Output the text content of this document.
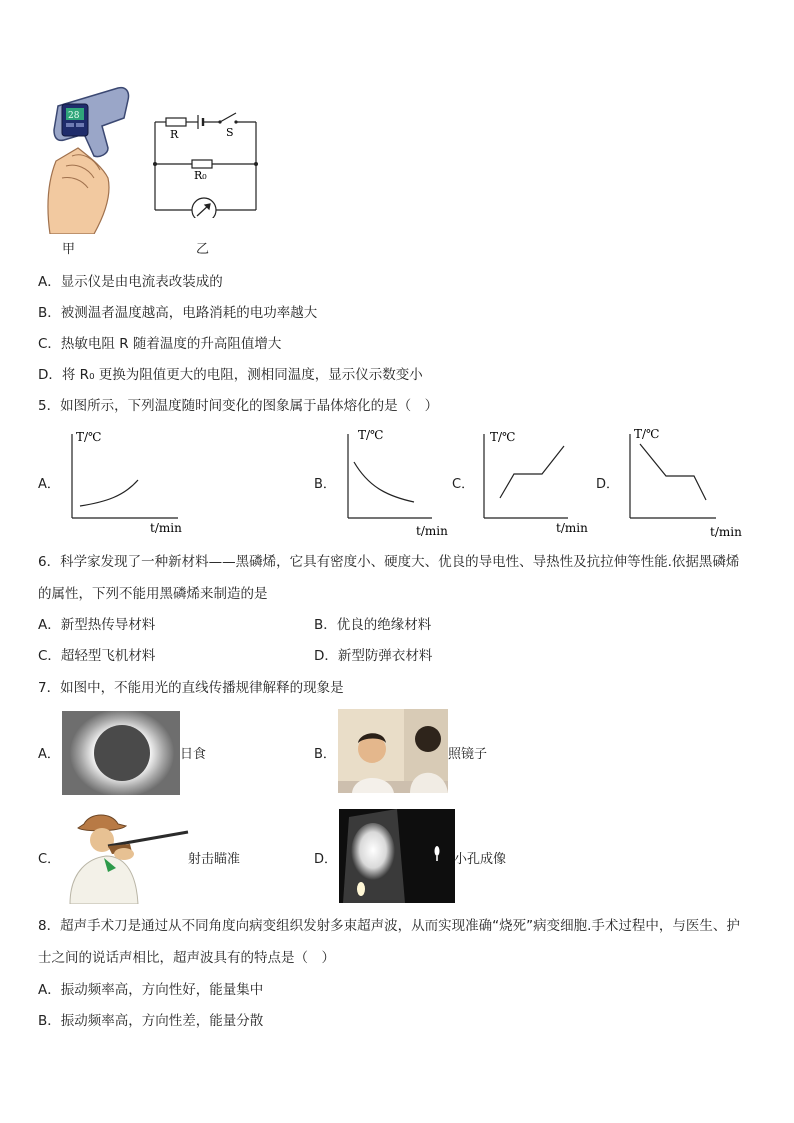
28
甲
R	S
R₀
乙
A．显示仪是由电流表改装成的
B．被测温者温度越高，电路消耗的电功率越大
C．热敏电阻 R 随着温度的升高阻值增大
D．将 R₀ 更换为阻值更大的电阻，测相同温度，显示仪示数变小
5．如图所示，下列温度随时间变化的图象属于晶体熔化的是（　）
A．
T/℃
t/min
B．
T/℃
t/min
C．
T/℃
t/min
D．
T/℃
t/min
6．科学家发现了一种新材料——黑磷烯，它具有密度小、硬度大、优良的导电性、导热性及抗拉伸等性能.依据黑磷烯
的属性，下列不能用黑磷烯来制造的是
A．新型热传导材料	B．优良的绝缘材料
C．超轻型飞机材料	D．新型防弹衣材料
7．如图中，不能用光的直线传播规律解释的现象是
A．	日食	B．	照镜子
C．	射击瞄准	D．	小孔成像
8．超声手术刀是通过从不同角度向病变组织发射多束超声波，从而实现准确“烧死”病变细胞.手术过程中，与医生、护
士之间的说话声相比，超声波具有的特点是（　）
A．振动频率高，方向性好，能量集中
B．振动频率高，方向性差，能量分散
